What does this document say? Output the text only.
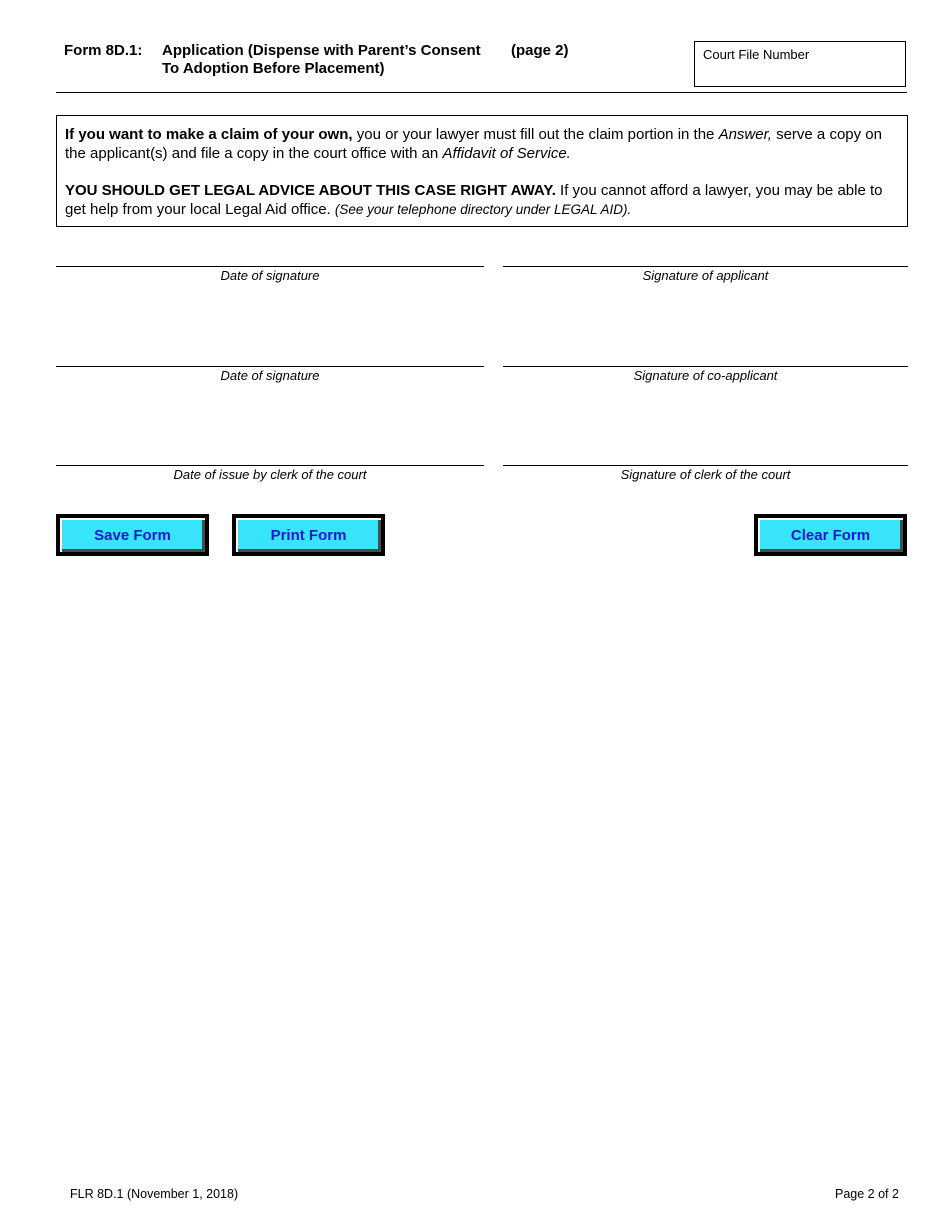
Form 8D.1: Application (Dispense with Parent’s Consent
To Adoption Before Placement)
(page 2)	Court File Number

If you want to make a claim of your own, you or your lawyer must fill out the claim portion in the Answer, serve a copy on the applicant(s) and file a copy in the court office with an Affidavit of Service.

YOU SHOULD GET LEGAL ADVICE ABOUT THIS CASE RIGHT AWAY. If you cannot afford a lawyer, you may be able to get help from your local Legal Aid office. (See your telephone directory under LEGAL AID).

Date of signature	Signature of applicant
Date of signature	Signature of co-applicant
Date of issue by clerk of the court	Signature of clerk of the court
Save Form	Print Form	Clear Form
FLR 8D.1 (November 1, 2018)	Page 2 of 2
